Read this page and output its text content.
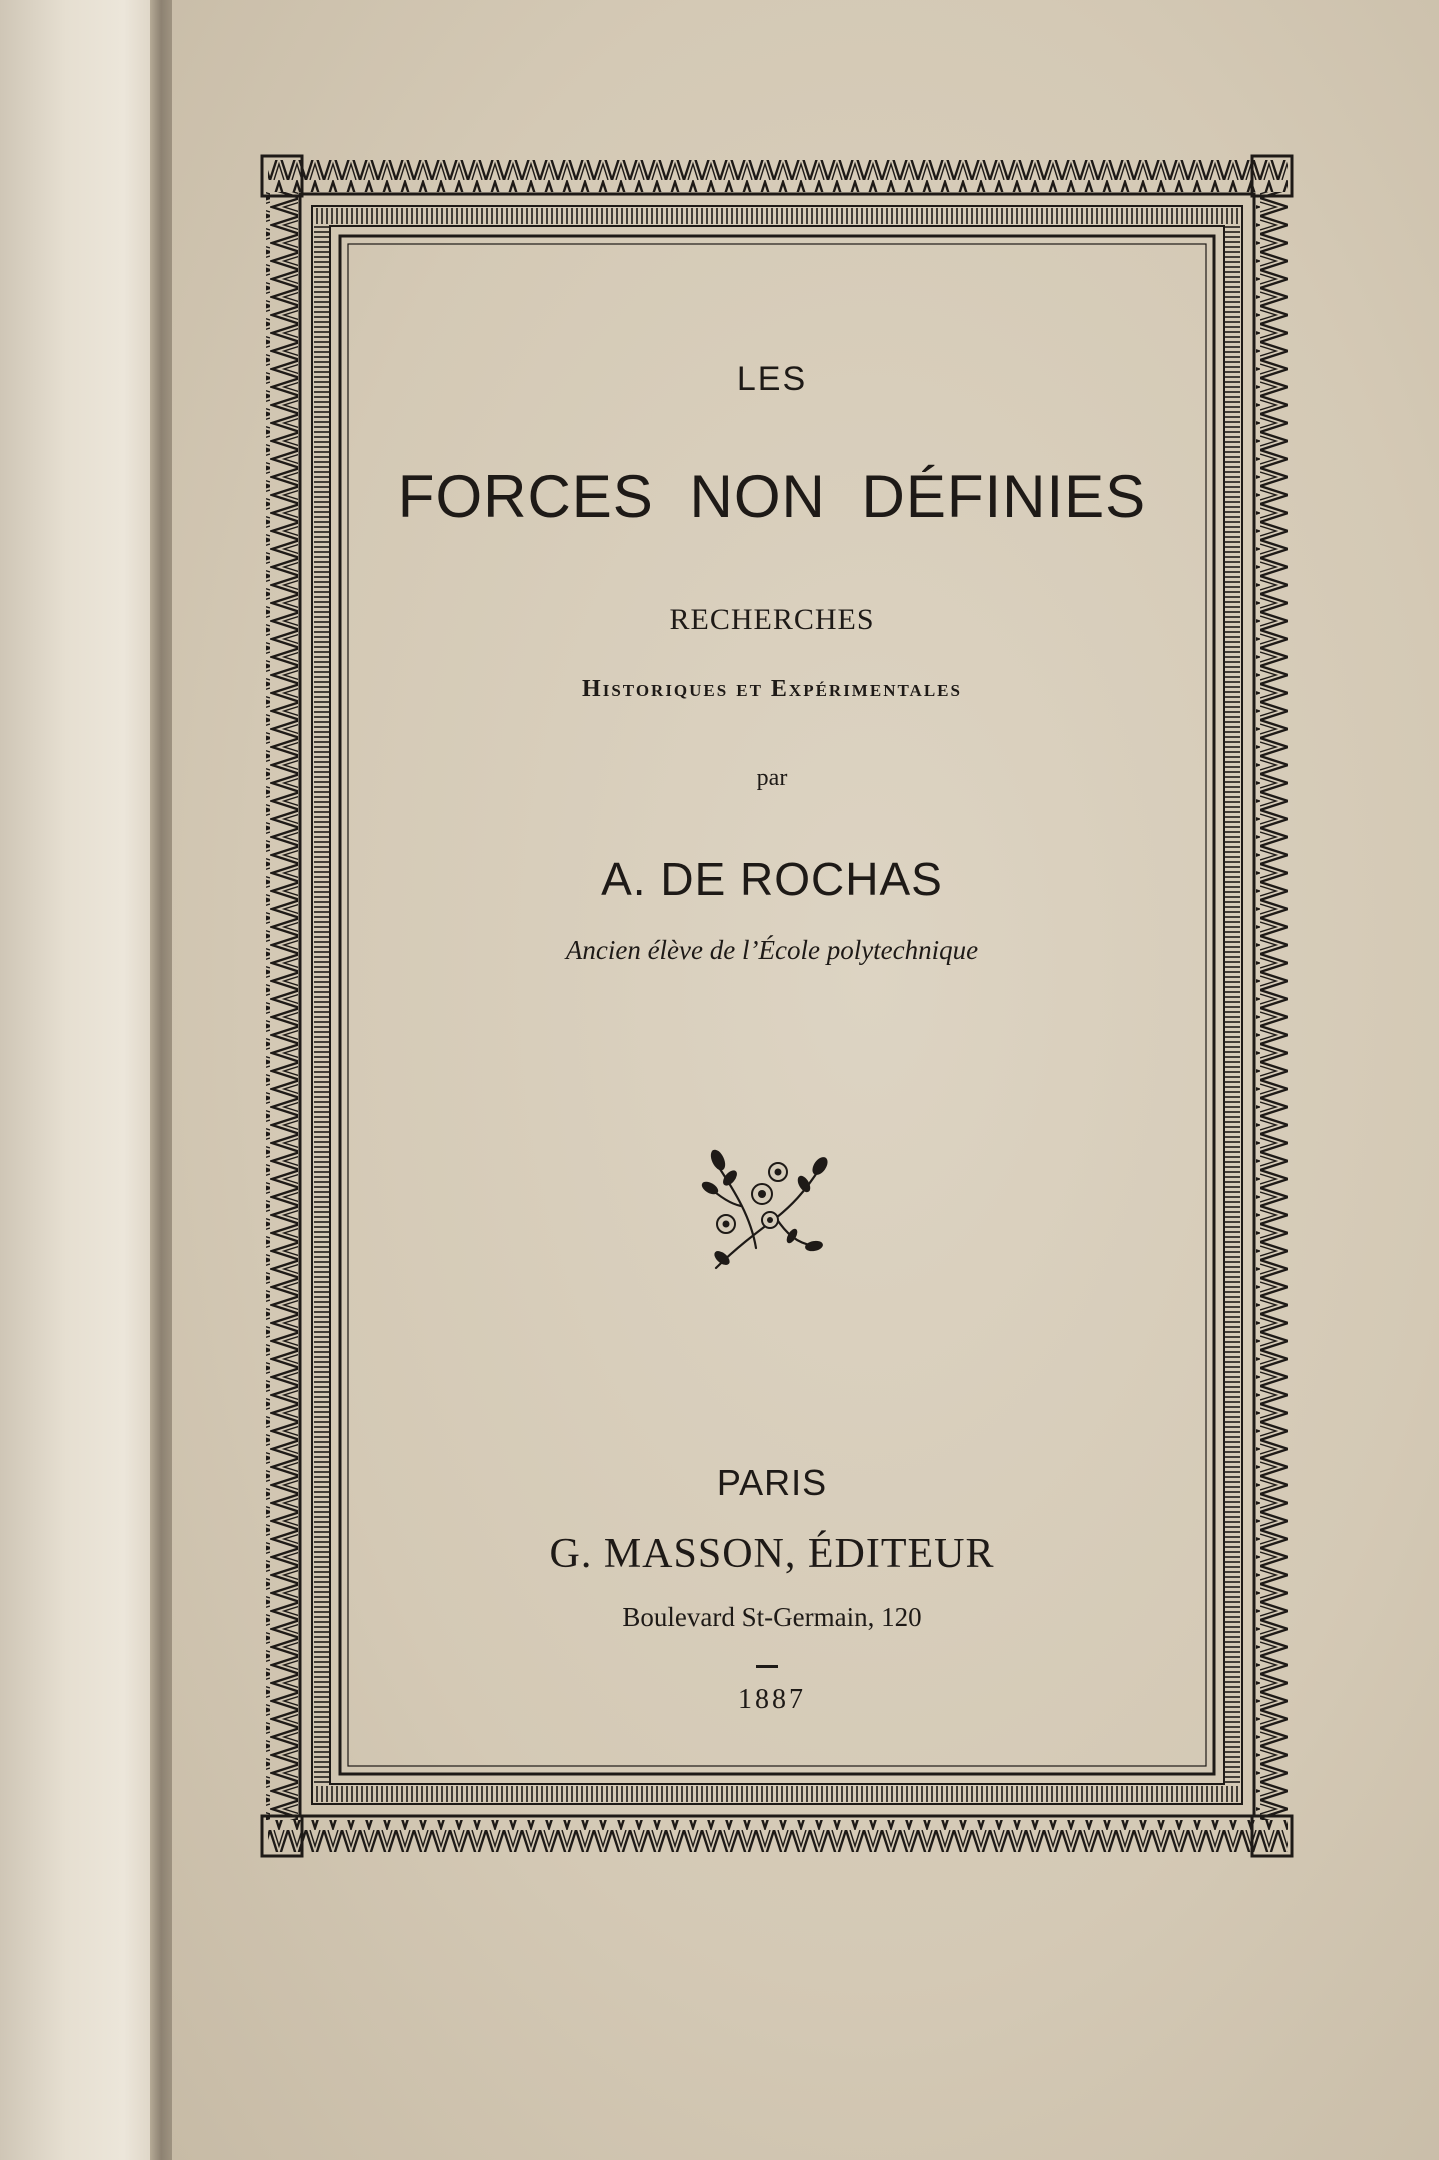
LES
FORCES NON DÉFINIES
RECHERCHES
Historiques et Expérimentales
par
A. DE ROCHAS
Ancien élève de l’École polytechnique
PARIS
G. MASSON, ÉDITEUR
Boulevard St-Germain, 120
1887
